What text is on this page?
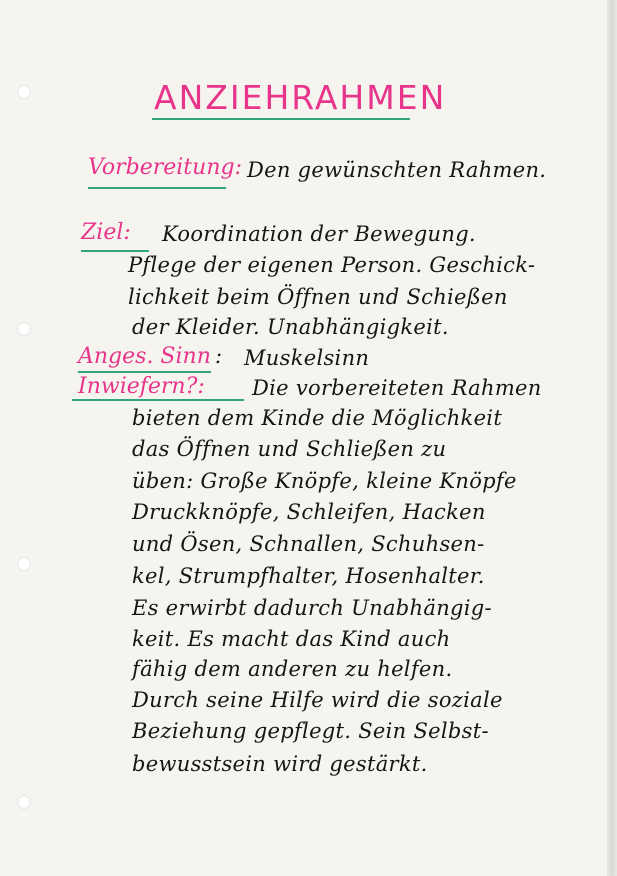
ANZIEHRAHMEN
Vorbereitung: Den gewünschten Rahmen.
Ziel: Koordination der Bewegung.
Pflege der eigenen Person. Geschick-
lichkeit beim Öffnen und Schießen
der Kleider. Unabhängigkeit.
Anges. Sinn : Muskelsinn
Inwiefern?: Die vorbereiteten Rahmen
bieten dem Kinde die Möglichkeit
das Öffnen und Schließen zu
üben: Große Knöpfe, kleine Knöpfe
Druckknöpfe, Schleifen, Hacken
und Ösen, Schnallen, Schuhsen-
kel, Strumpfhalter, Hosenhalter.
Es erwirbt dadurch Unabhängig-
keit. Es macht das Kind auch
fähig dem anderen zu helfen.
Durch seine Hilfe wird die soziale
Beziehung gepflegt. Sein Selbst-
bewusstsein wird gestärkt.
